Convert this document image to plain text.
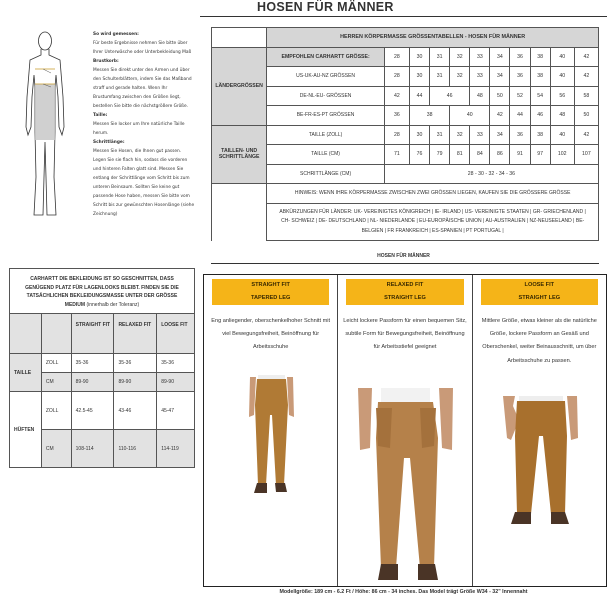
HOSEN FÜR MÄNNER
So wird gemessen:
Für beste Ergebnisse nehmen Sie bitte über Ihrer Unterwäsche oder Unterbekleidung Maß
Brustkorb:
Messen Sie direkt unter den Armen und über den Schulterblättern, indem Sie das Maßband straff und gerade halten. Wenn Ihr Brustumfang zwischen den Größen liegt, bestellen Sie bitte die nächstgrößere Größe.
Taille:
Messen Sie locker um Ihre natürliche Taille herum.
Schrittlänge:
Messen Sie Hosen, die Ihnen gut passen. Legen Sie sie flach hin, sodass die vorderen und hinteren Falten glatt sind. Messen Sie entlang der Schrittlänge vom Schritt bis zum unteren Beinsaum. Sollten Sie keine gut passende Hose haben, messen Sie bitte vom Schritt bis zur gewünschten Hosenlänge (siehe Zeichnung)
	HERREN KÖRPERMASSE GRÖSSENTABELLEN - HOSEN FÜR MÄNNER										
LÄNDERGRÖSSEN	EMPFOHLEN CARHARTT GRÖSSE:	28	30	31	32	33	34	36	38	40	42
	US-UK-AU-NZ GRÖSSEN	28	30	31	32	33	34	36	38	40	42
	DE-NL-EU- GRÖSSEN	42	44	46		48	50	52	54	56	58
	BE-FR-ES-PT GRÖSSEN	36	38		40		42	44	46	48	50
TAILLEN- UND SCHRITTLÄNGE	TAILLE (ZOLL)	28	30	31	32	33	34	36	38	40	42
	TAILLE (CM)	71	76	79	81	84	86	91	97	102	107
	SCHRITTLÄNGE (CM)	28 - 30 - 32 - 34 - 36									
	HINWEIS: WENN IHRE KÖRPERMASSE ZWISCHEN ZWEI GRÖSSEN LIEGEN, KAUFEN SIE DIE GRÖSSERE GRÖSSE										
	ABKÜRZUNGEN FÜR LÄNDER: UK- VEREINIGTES KÖNIGREICH | IE- IRLAND | US- VEREINIGTE STAATEN | GR- GRIECHENLAND | CH- SCHWEIZ | DE- DEUTSCHLAND | NL- NIEDERLANDE | EU-EUROPÄISCHE UNION | AU-AUSTRALIEN | NZ-NEUSEELAND | BE-BELGIEN | FR FRANKREICH | ES-SPANIEN | PT PORTUGAL |										
CARHARTT DIE BEKLEIDUNG IST SO GESCHNITTEN, DASS GENÜGEND PLATZ FÜR LAGENLOOKS BLEIBT. FINDEN SIE DIE TATSÄCHLICHEN BEKLEIDUNGSMASSE UNTER DER GRÖSSE MEDIUM (innerhalb der Toleranz)
		STRAIGHT FIT	RELAXED FIT	LOOSE FIT
TAILLE	ZOLL	35-36	35-36	35-36
	CM	89-90	89-90	89-90
HÜFTEN	ZOLL	42.5-45	43-46	45-47
	CM	108-114	110-116	114-119
HOSEN FÜR MÄNNER
STRAIGHT FIT
TAPERED LEG
Eng anliegender, oberschenkelhoher Schnitt mit viel Bewegungsfreiheit, Beinöffnung für Arbeitsschuhe
RELAXED FIT
STRAIGHT LEG
Leicht lockere Passform für einen bequemen Sitz, subtile Form für Bewegungsfreiheit, Beinöffnung für Arbeitsstiefel geeignet
LOOSE FIT
STRAIGHT LEG
Mittlere Größe, etwas kleiner als die natürliche Größe, lockere Passform an Gesäß und Oberschenkel, weiter Beinausschnitt, um über Arbeitsschuhe zu passen.
Modellgröße: 189 cm - 6.2 Ft / Höhe: 86 cm - 34 inches. Das Model trägt Größe W34 - 32" Innennaht
